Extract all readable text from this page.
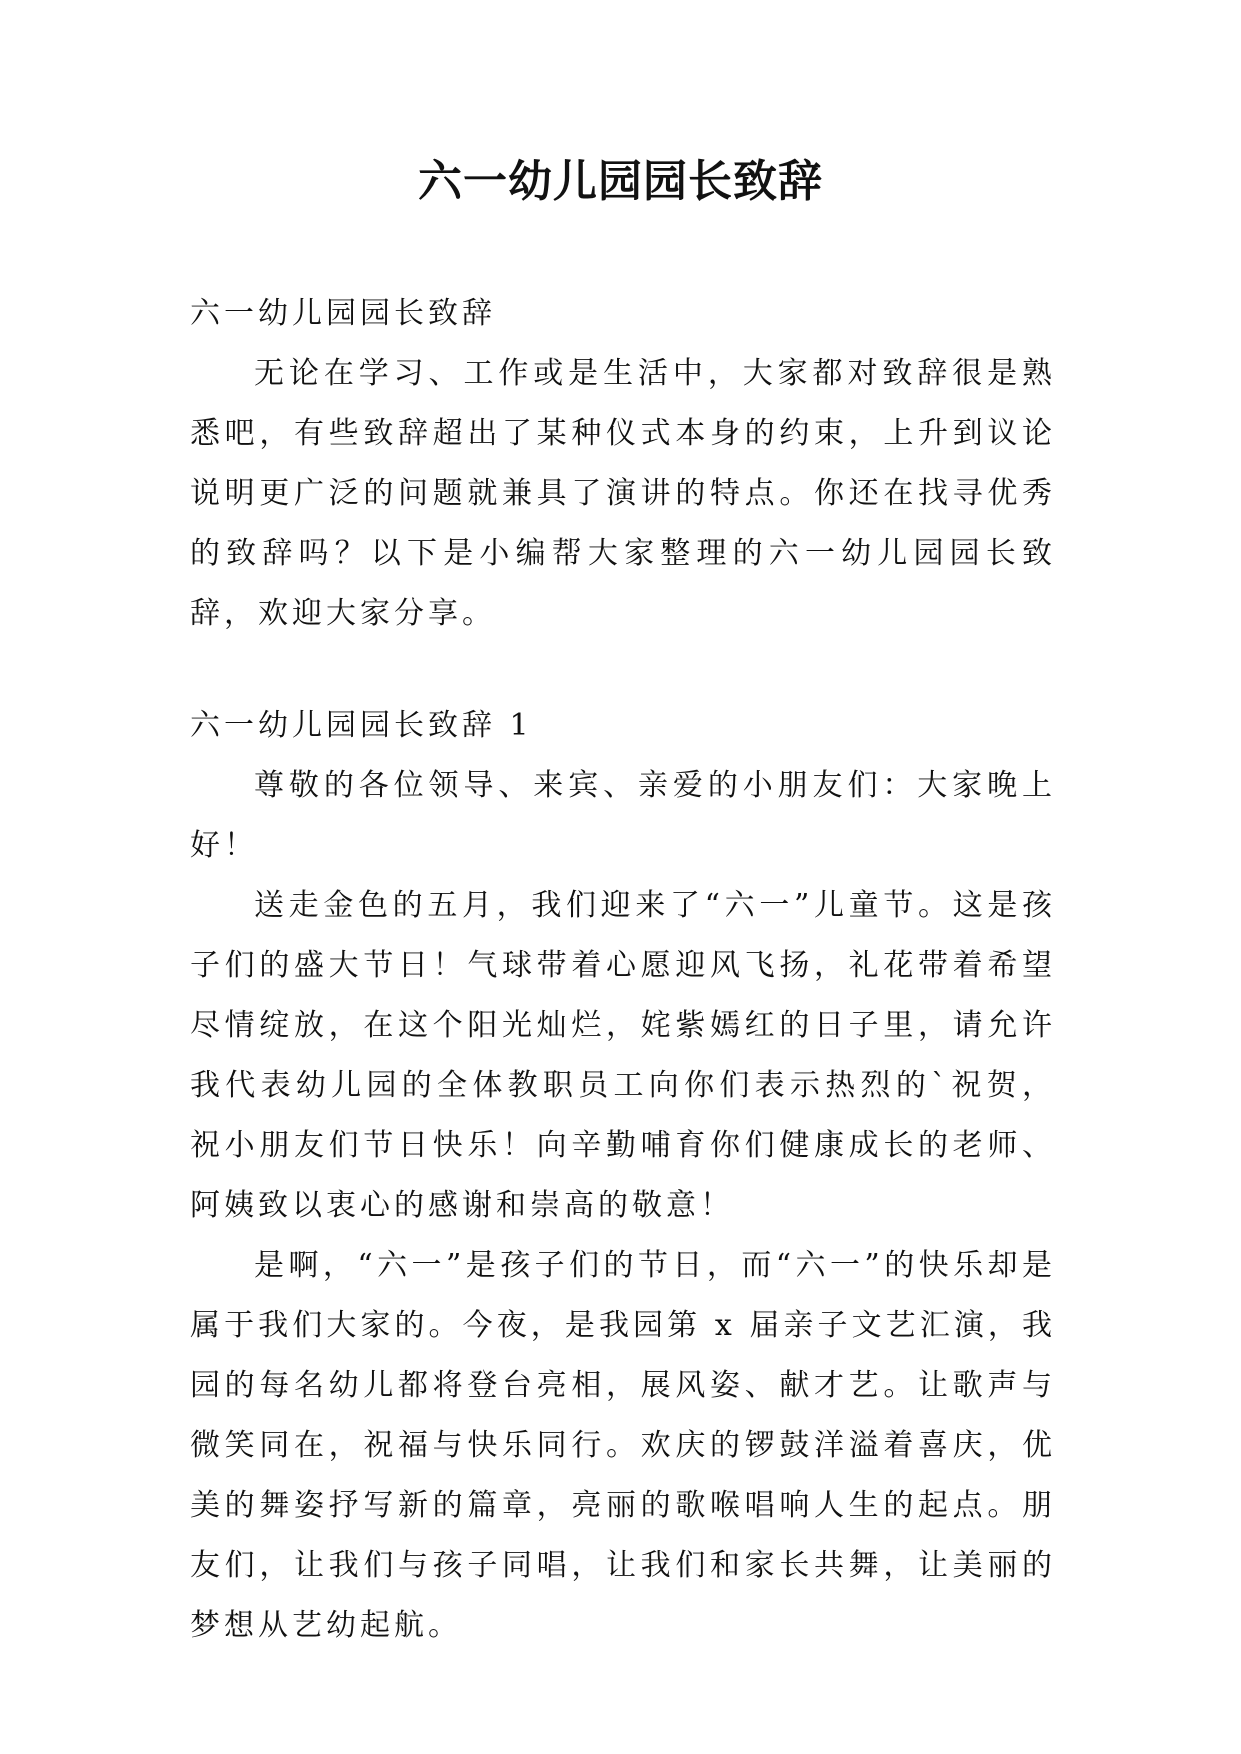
六一幼儿园园长致辞

六一幼儿园园长致辞

无论在学习、工作或是生活中，大家都对致辞很是熟悉吧，有些致辞超出了某种仪式本身的约束，上升到议论说明更广泛的问题就兼具了演讲的特点。你还在找寻优秀的致辞吗？以下是小编帮大家整理的六一幼儿园园长致辞，欢迎大家分享。

六一幼儿园园长致辞 1

尊敬的各位领导、来宾、亲爱的小朋友们：大家晚上好！

送走金色的五月，我们迎来了“六一”儿童节。这是孩子们的盛大节日！气球带着心愿迎风飞扬，礼花带着希望尽情绽放，在这个阳光灿烂，姹紫嫣红的日子里，请允许我代表幼儿园的全体教职员工向你们表示热烈的`祝贺，祝小朋友们节日快乐！向辛勤哺育你们健康成长的老师、阿姨致以衷心的感谢和崇高的敬意！

是啊，“六一”是孩子们的节日，而“六一”的快乐却是属于我们大家的。今夜，是我园第 x 届亲子文艺汇演，我园的每名幼儿都将登台亮相，展风姿、献才艺。让歌声与微笑同在，祝福与快乐同行。欢庆的锣鼓洋溢着喜庆，优美的舞姿抒写新的篇章，亮丽的歌喉唱响人生的起点。朋友们，让我们与孩子同唱，让我们和家长共舞，让美丽的梦想从艺幼起航。
